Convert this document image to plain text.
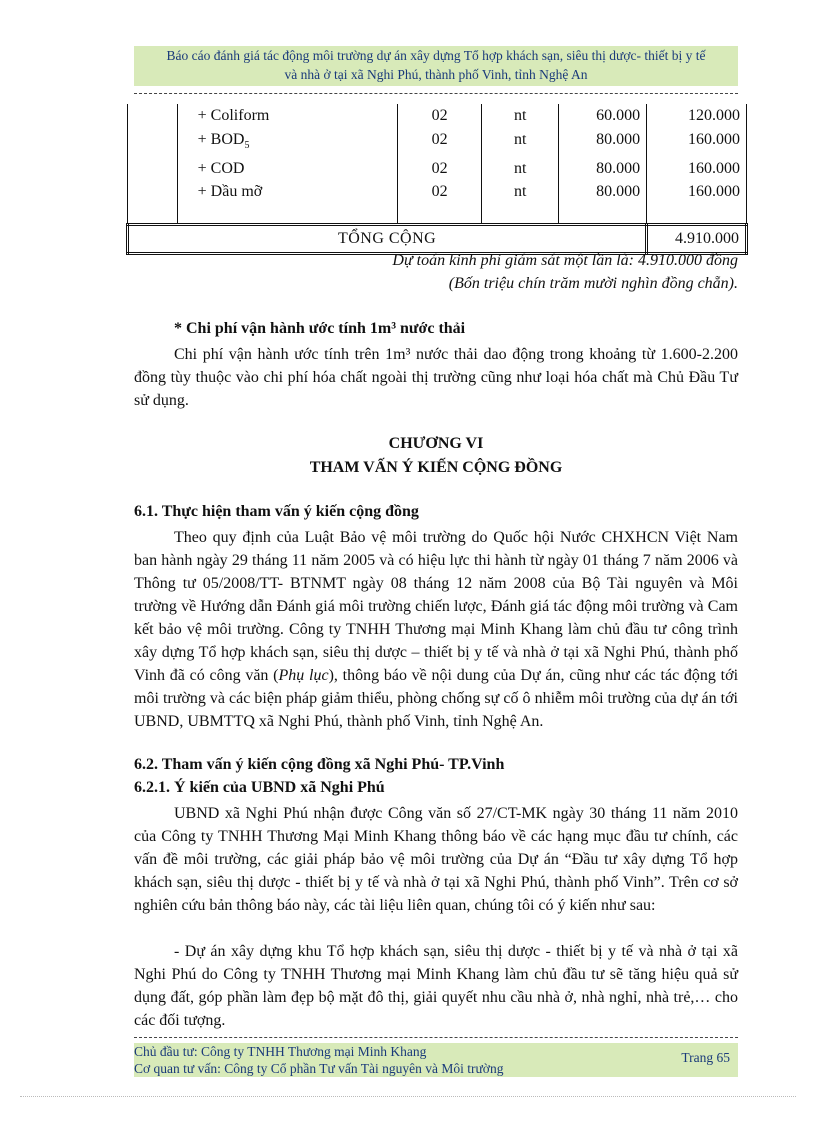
Báo cáo đánh giá tác động môi trường dự án xây dựng Tổ hợp khách sạn, siêu thị dược- thiết bị y tế
và nhà ở tại xã Nghi Phú, thành phố Vinh, tỉnh Nghệ An
	+ Coliform	02	nt	60.000	120.000
	+ $BOD_5$	02	nt	80.000	160.000
	+ COD	02	nt	80.000	160.000
	+ Dầu mỡ	02	nt	80.000	160.000
TỔNG CỘNG					4.910.000
Dự toán kinh phí giám sát một lần là: 4.910.000 đồng
(Bốn triệu chín trăm mười nghìn đồng chẵn).
* Chi phí vận hành ước tính 1m³ nước thải
Chi phí vận hành ước tính trên 1m³ nước thải dao động trong khoảng từ 1.600-2.200 đồng tùy thuộc vào chi phí hóa chất ngoài thị trường cũng như loại hóa chất mà Chủ Đầu Tư sử dụng.
CHƯƠNG VI
THAM VẤN Ý KIẾN CỘNG ĐỒNG
6.1. Thực hiện tham vấn ý kiến cộng đồng
Theo quy định của Luật Bảo vệ môi trường do Quốc hội Nước CHXHCN Việt Nam ban hành ngày 29 tháng 11 năm 2005 và có hiệu lực thi hành từ ngày 01 tháng 7 năm 2006 và Thông tư 05/2008/TT- BTNMT ngày 08 tháng 12 năm 2008 của Bộ Tài nguyên và Môi trường về Hướng dẫn Đánh giá môi trường chiến lược, Đánh giá tác động môi trường và Cam kết bảo vệ môi trường. Công ty TNHH Thương mại Minh Khang làm chủ đầu tư công trình xây dựng Tổ hợp khách sạn, siêu thị dược – thiết bị y tế và nhà ở tại xã Nghi Phú, thành phố Vinh đã có công văn (Phụ lục), thông báo về nội dung của Dự án, cũng như các tác động tới môi trường và các biện pháp giảm thiểu, phòng chống sự cố ô nhiễm môi trường của dự án tới UBND, UBMTTQ xã Nghi Phú, thành phố Vinh, tỉnh Nghệ An.
6.2. Tham vấn ý kiến cộng đồng xã Nghi Phú- TP.Vinh
6.2.1. Ý kiến của UBND xã Nghi Phú
UBND xã Nghi Phú nhận được Công văn số 27/CT-MK ngày 30 tháng 11 năm 2010 của Công ty TNHH Thương Mại Minh Khang thông báo về các hạng mục đầu tư chính, các vấn đề môi trường, các giải pháp bảo vệ môi trường của Dự án “Đầu tư xây dựng Tổ hợp khách sạn, siêu thị dược - thiết bị y tế và nhà ở tại xã Nghi Phú, thành phố Vinh”. Trên cơ sở nghiên cứu bản thông báo này, các tài liệu liên quan, chúng tôi có ý kiến như sau:
- Dự án xây dựng khu Tổ hợp khách sạn, siêu thị dược - thiết bị y tế và nhà ở tại xã Nghi Phú do Công ty TNHH Thương mại Minh Khang làm chủ đầu tư sẽ tăng hiệu quả sử dụng đất, góp phần làm đẹp bộ mặt đô thị, giải quyết nhu cầu nhà ở, nhà nghỉ, nhà trẻ,… cho các đối tượng.
Chủ đầu tư: Công ty TNHH Thương mại Minh Khang
Cơ quan tư vấn: Công ty Cổ phần Tư vấn Tài nguyên và Môi trường
Trang 65
